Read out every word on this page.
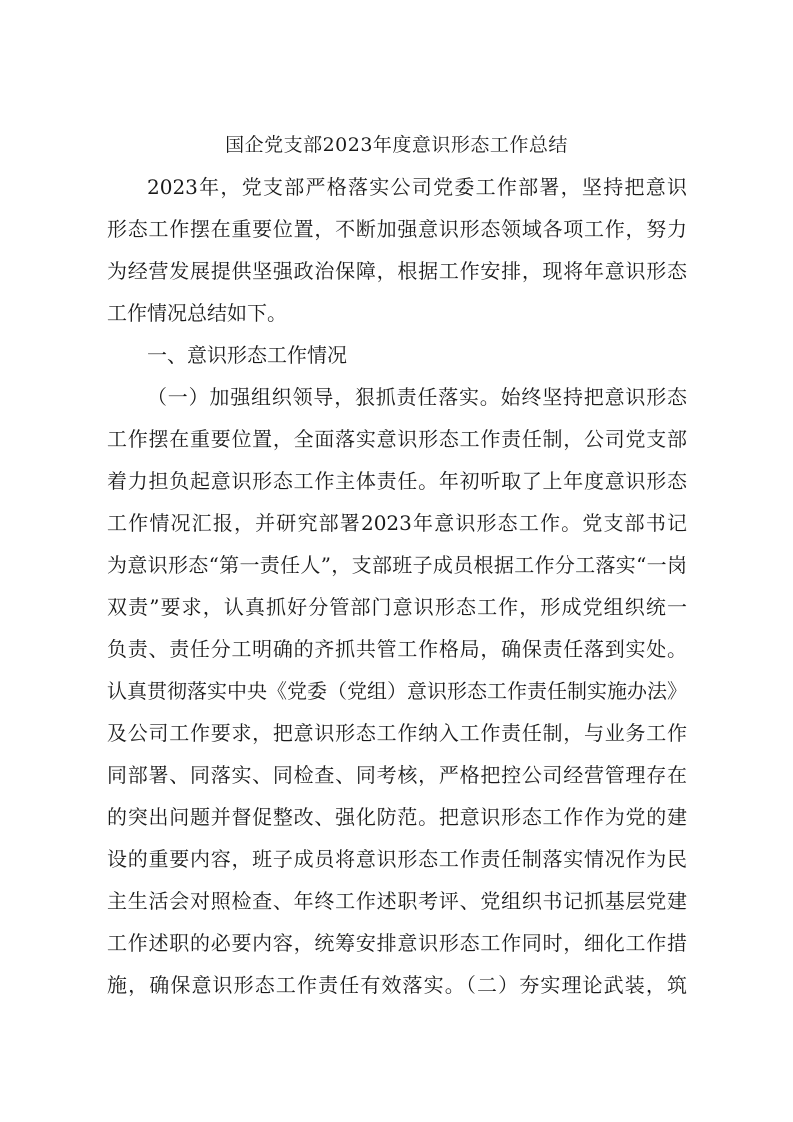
国企党支部2023年度意识形态工作总结
2023年，党支部严格落实公司党委工作部署，坚持把意识
形态工作摆在重要位置，不断加强意识形态领域各项工作，努力
为经营发展提供坚强政治保障，根据工作安排，现将年意识形态
工作情况总结如下。
一、意识形态工作情况
（一）加强组织领导，狠抓责任落实。始终坚持把意识形态
工作摆在重要位置，全面落实意识形态工作责任制，公司党支部
着力担负起意识形态工作主体责任。年初听取了上年度意识形态
工作情况汇报，并研究部署2023年意识形态工作。党支部书记
为意识形态“第一责任人”，支部班子成员根据工作分工落实“一岗
双责”要求，认真抓好分管部门意识形态工作，形成党组织统一
负责、责任分工明确的齐抓共管工作格局，确保责任落到实处。
认真贯彻落实中央《党委（党组）意识形态工作责任制实施办法》
及公司工作要求，把意识形态工作纳入工作责任制，与业务工作
同部署、同落实、同检查、同考核，严格把控公司经营管理存在
的突出问题并督促整改、强化防范。把意识形态工作作为党的建
设的重要内容，班子成员将意识形态工作责任制落实情况作为民
主生活会对照检查、年终工作述职考评、党组织书记抓基层党建
工作述职的必要内容，统筹安排意识形态工作同时，细化工作措
施，确保意识形态工作责任有效落实。（二）夯实理论武装，筑
